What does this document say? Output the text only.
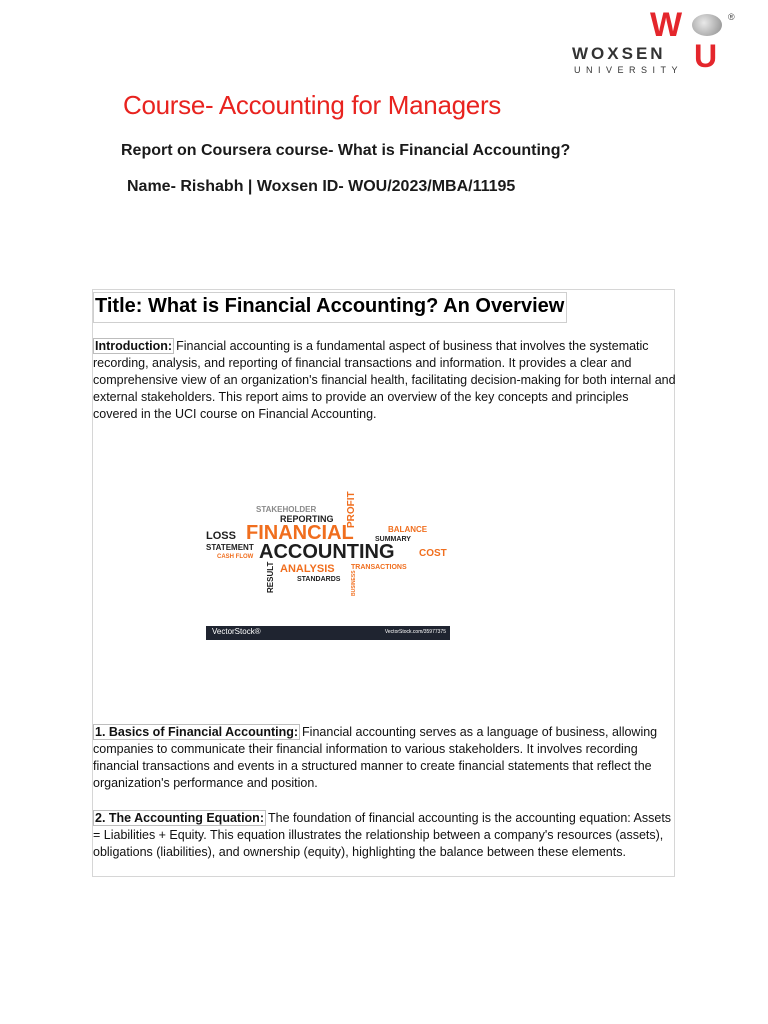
W	®
WOXSEN
UNIVERSITY U
Course- Accounting for Managers
Report on Coursera course- What is Financial Accounting?
Name- Rishabh | Woxsen ID- WOU/2023/MBA/11195
Title: What is Financial Accounting? An Overview
Introduction: Financial accounting is a fundamental aspect of business that involves the systematic recording, analysis, and reporting of financial transactions and information. It provides a clear and comprehensive view of an organization's financial health, facilitating decision-making for both internal and external stakeholders. This report aims to provide an overview of the key concepts and principles covered in the UCI course on Financial Accounting.
STAKEHOLDER
REPORTING PROFIT
LOSS FINANCIAL	BALANCE
SUMMARY
STATEMENT ACCOUNTING COST
CASH FLOW
RESULT ANALYSIS TRANSACTIONS
STANDARDS BUSINESS
VectorStock®	VectorStock.com/35977375
1. Basics of Financial Accounting: Financial accounting serves as a language of business, allowing companies to communicate their financial information to various stakeholders. It involves recording financial transactions and events in a structured manner to create financial statements that reflect the organization's performance and position.
2. The Accounting Equation: The foundation of financial accounting is the accounting equation: Assets = Liabilities + Equity. This equation illustrates the relationship between a company's resources (assets), obligations (liabilities), and ownership (equity), highlighting the balance between these elements.
